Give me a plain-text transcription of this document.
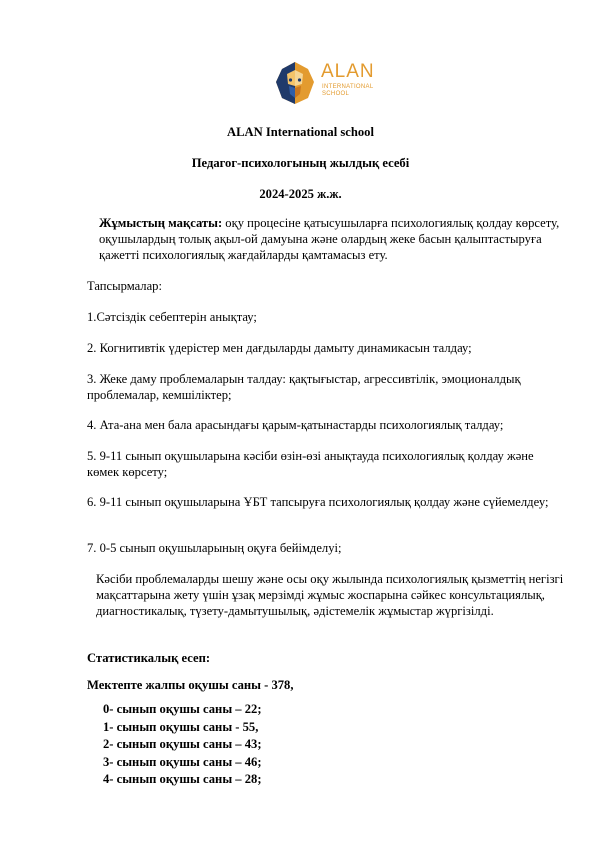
ALAN
INTERNATIONAL
SCHOOL
ALAN International school
Педагог-психологының жылдық есебі
2024-2025 ж.ж.
Жұмыстың мақсаты: оқу процесіне қатысушыларға психологиялық қолдау көрсету, оқушылардың толық ақыл-ой дамуына және олардың жеке басын қалыптастыруға қажетті психологиялық жағдайларды қамтамасыз ету.
Тапсырмалар:
1.Сәтсіздік себептерін анықтау;
2. Когнитивтік үдерістер мен дағдыларды дамыту динамикасын талдау;
3. Жеке даму проблемаларын талдау: қақтығыстар, агрессивтілік, эмоционалдық проблемалар, кемшіліктер;
4. Ата-ана мен бала арасындағы қарым-қатынастарды психологиялық талдау;
5. 9-11 сынып оқушыларына кәсіби өзін-өзі анықтауда психологиялық қолдау және көмек көрсету;
6. 9-11 сынып оқушыларына ҰБТ тапсыруға психологиялық қолдау және сүйемелдеу;
7. 0-5 сынып оқушыларының оқуға бейімделуі;
Кәсіби проблемаларды шешу және осы оқу жылында психологиялық қызметтің негізгі мақсаттарына жету үшін ұзақ мерзімді жұмыс жоспарына сәйкес консультациялық, диагностикалық, түзету-дамытушылық, әдістемелік жұмыстар жүргізілді.
Статистикалық есеп:
Мектепте жалпы оқушы саны - 378,
0- сынып оқушы саны – 22;
1- сынып оқушы саны - 55,
2- сынып оқушы саны – 43;
3- сынып оқушы саны – 46;
4- сынып оқушы саны – 28;
